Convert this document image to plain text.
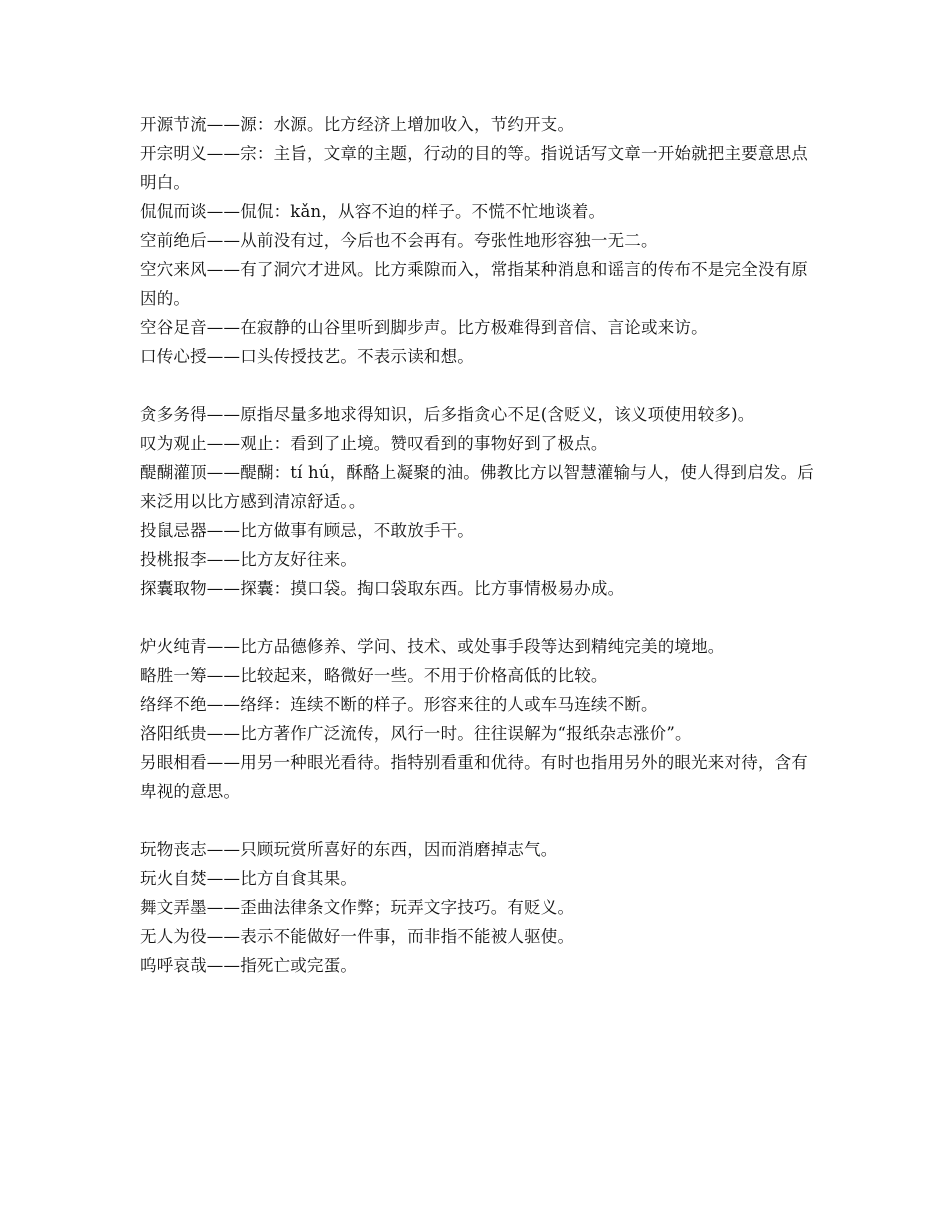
开源节流——源：水源。比方经济上增加收入，节约开支。

开宗明义——宗：主旨，文章的主题，行动的目的等。指说话写文章一开始就把主要意思点明白。

侃侃而谈——侃侃：kǎn，从容不迫的样子。不慌不忙地谈着。

空前绝后——从前没有过，今后也不会再有。夸张性地形容独一无二。

空穴来风——有了洞穴才进风。比方乘隙而入，常指某种消息和谣言的传布不是完全没有原因的。

空谷足音——在寂静的山谷里听到脚步声。比方极难得到音信、言论或来访。

口传心授——口头传授技艺。不表示读和想。

贪多务得——原指尽量多地求得知识，后多指贪心不足(含贬义，该义项使用较多)。

叹为观止——观止：看到了止境。赞叹看到的事物好到了极点。

醍醐灌顶——醍醐：tí hú，酥酪上凝聚的油。佛教比方以智慧灌输与人，使人得到启发。后来泛用以比方感到清凉舒适。。

投鼠忌器——比方做事有顾忌，不敢放手干。

投桃报李——比方友好往来。

探囊取物——探囊：摸口袋。掏口袋取东西。比方事情极易办成。

炉火纯青——比方品德修养、学问、技术、或处事手段等达到精纯完美的境地。

略胜一筹——比较起来，略微好一些。不用于价格高低的比较。

络绎不绝——络绎：连续不断的样子。形容来往的人或车马连续不断。

洛阳纸贵——比方著作广泛流传，风行一时。往往误解为“报纸杂志涨价”。

另眼相看——用另一种眼光看待。指特别看重和优待。有时也指用另外的眼光来对待，含有卑视的意思。

玩物丧志——只顾玩赏所喜好的东西，因而消磨掉志气。

玩火自焚——比方自食其果。

舞文弄墨——歪曲法律条文作弊；玩弄文字技巧。有贬义。

无人为役——表示不能做好一件事，而非指不能被人驱使。

呜呼哀哉——指死亡或完蛋。
